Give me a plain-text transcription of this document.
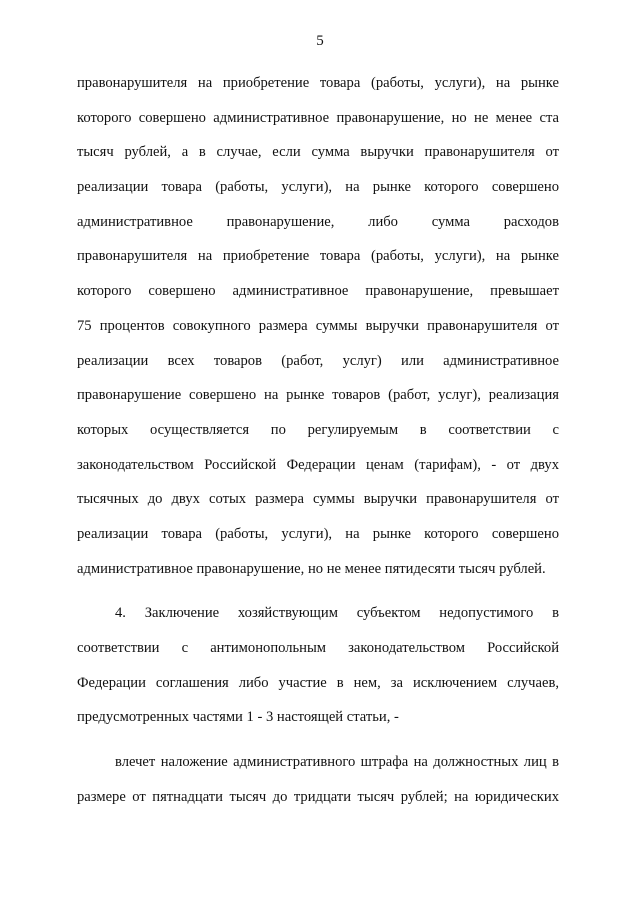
5
правонарушителя на приобретение товара (работы, услуги), на рынке
которого совершено административное правонарушение, но не менее ста
тысяч рублей, а в случае, если сумма выручки правонарушителя от
реализации товара (работы, услуги), на рынке которого совершено
административное правонарушение, либо сумма расходов
правонарушителя на приобретение товара (работы, услуги), на рынке
которого совершено административное правонарушение, превышает
75 процентов совокупного размера суммы выручки правонарушителя от
реализации всех товаров (работ, услуг) или административное
правонарушение совершено на рынке товаров (работ, услуг), реализация
которых осуществляется по регулируемым в соответствии с
законодательством Российской Федерации ценам (тарифам), - от двух
тысячных до двух сотых размера суммы выручки правонарушителя от
реализации товара (работы, услуги), на рынке которого совершено
административное правонарушение, но не менее пятидесяти тысяч рублей.
4. Заключение хозяйствующим субъектом недопустимого в
соответствии с антимонопольным законодательством Российской
Федерации соглашения либо участие в нем, за исключением случаев,
предусмотренных частями 1 - 3 настоящей статьи, -
влечет наложение административного штрафа на должностных лиц в
размере от пятнадцати тысяч до тридцати тысяч рублей; на юридических
